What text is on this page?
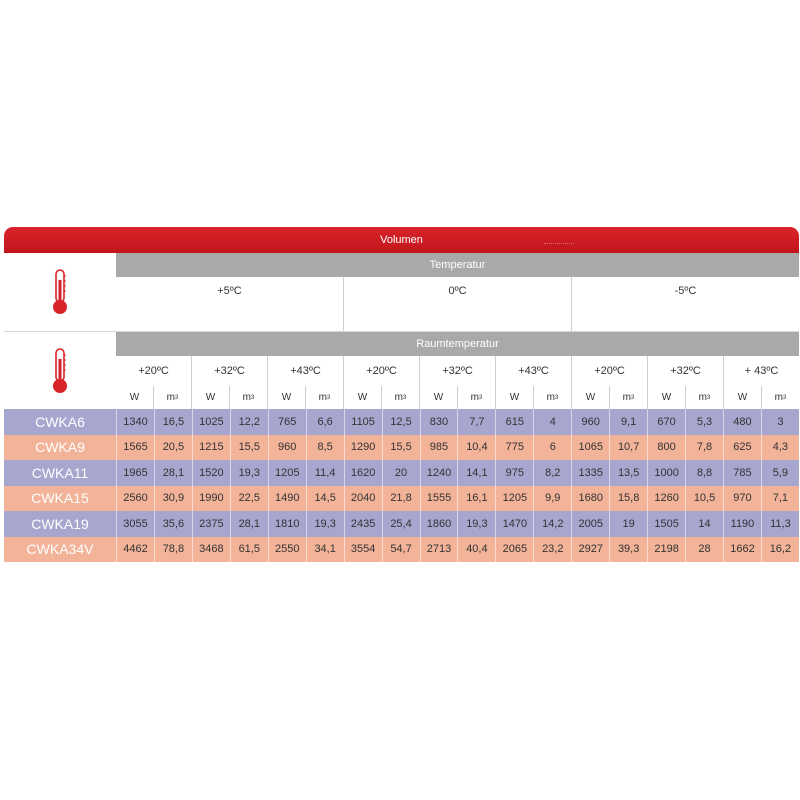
Volumen
Temperatur
+5ºC	0ºC	-5ºC
Raumtemperatur
+20ºC	+32ºC	+43ºC	+20ºC	+32ºC	+43ºC	+20ºC	+32ºC	+ 43ºC
W	m 3	W	m 3	W	m 3	W	m 3	W	m 3	W	m 3	W	m 3	W	m 3	W	m 3
CWKA6	1340	16,5	1025	12,2	765	6,6	1105	12,5	830	7,7	615	4	960	9,1	670	5,3	480	3
CWKA9	1565	20,5	1215	15,5	960	8,5	1290	15,5	985	10,4	775	6	1065	10,7	800	7,8	625	4,3
CWKA11	1965	28,1	1520	19,3	1205	11,4	1620	20	1240	14,1	975	8,2	1335	13,5	1000	8,8	785	5,9
CWKA15	2560	30,9	1990	22,5	1490	14,5	2040	21,8	1555	16,1	1205	9,9	1680	15,8	1260	10,5	970	7,1
CWKA19	3055	35,6	2375	28,1	1810	19,3	2435	25,4	1860	19,3	1470	14,2	2005	19	1505	14	1190	11,3
CWKA34V	4462	78,8	3468	61,5	2550	34,1	3554	54,7	2713	40,4	2065	23,2	2927	39,3	2198	28	1662	16,2
